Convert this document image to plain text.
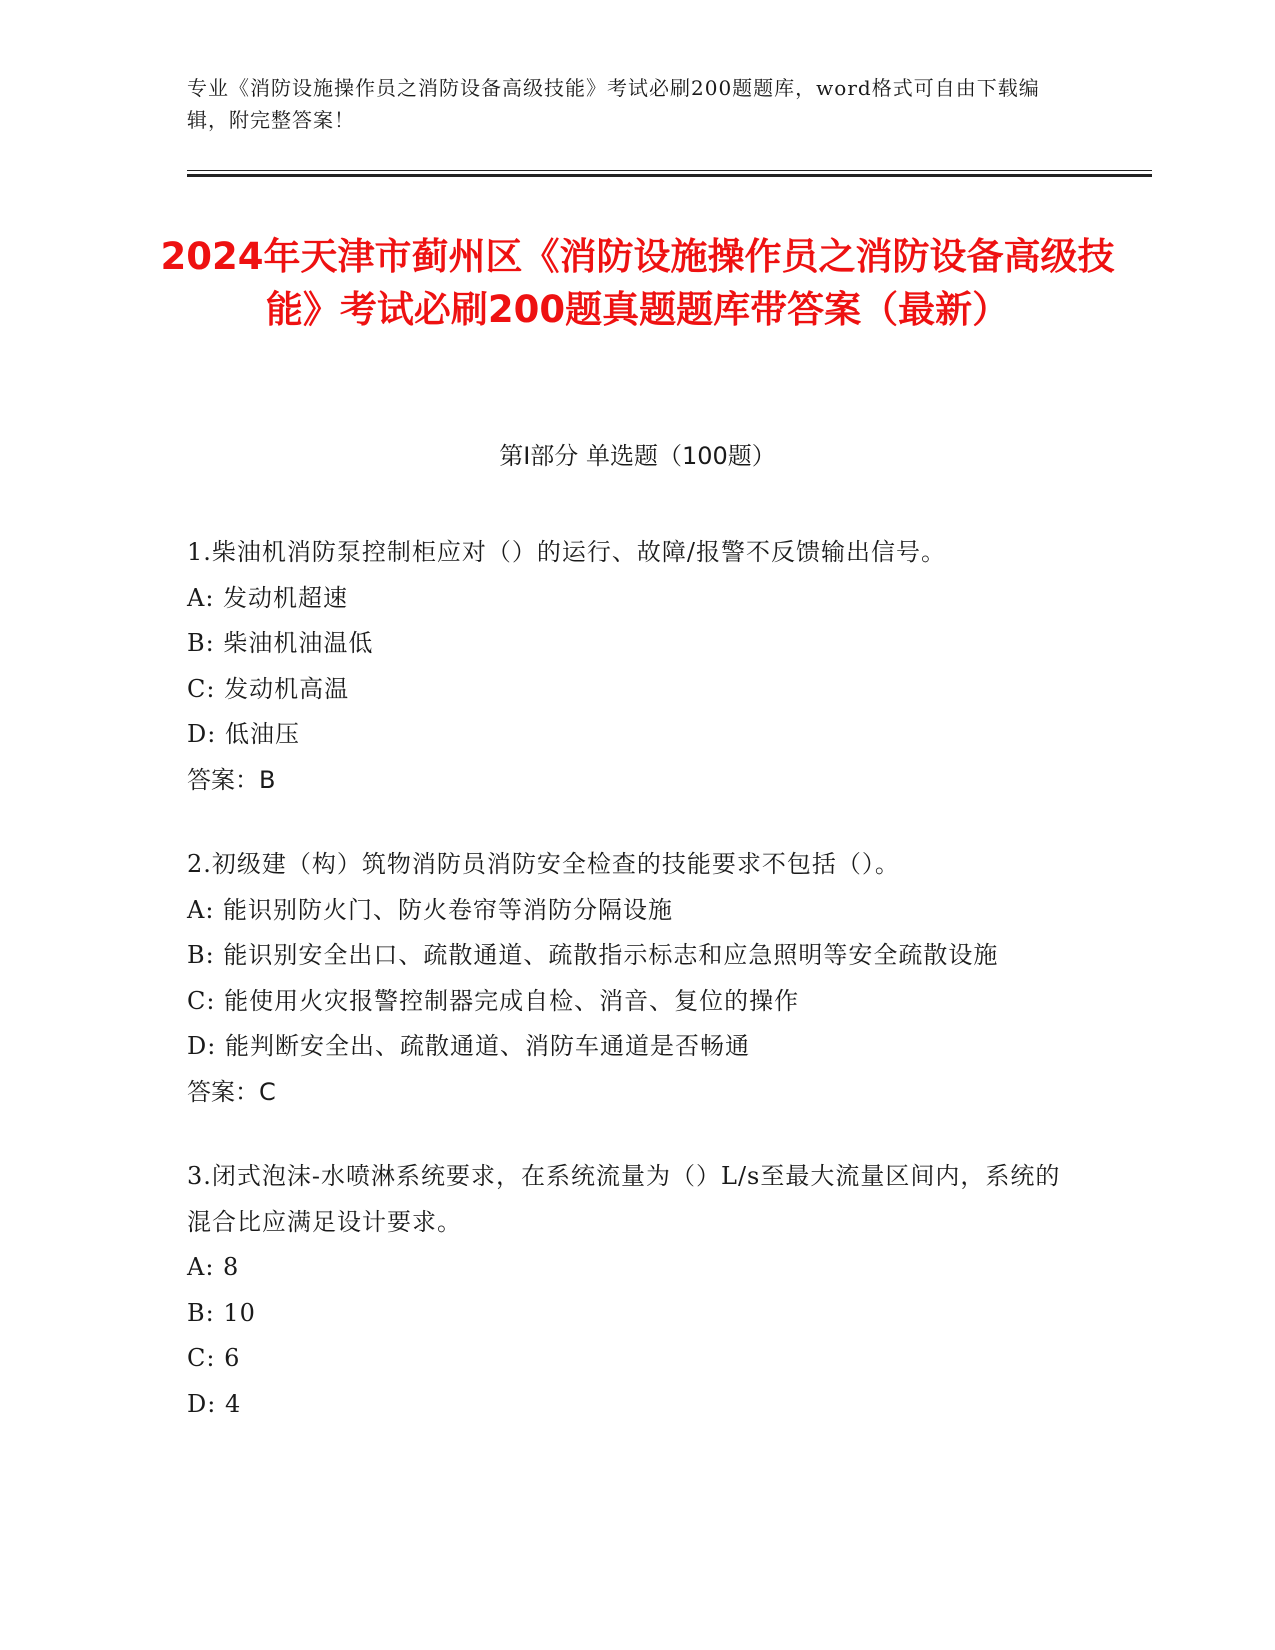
专业《消防设施操作员之消防设备高级技能》考试必刷200题题库，word格式可自由下载编辑，附完整答案！
2024年天津市蓟州区《消防设施操作员之消防设备高级技能》考试必刷200题真题题库带答案（最新）
第Ⅰ部分 单选题（100题）
1.柴油机消防泵控制柜应对（）的运行、故障/报警不反馈输出信号。
A: 发动机超速
B: 柴油机油温低
C: 发动机高温
D: 低油压
答案：B
2.初级建（构）筑物消防员消防安全检查的技能要求不包括（）。
A: 能识别防火门、防火卷帘等消防分隔设施
B: 能识别安全出口、疏散通道、疏散指示标志和应急照明等安全疏散设施
C: 能使用火灾报警控制器完成自检、消音、复位的操作
D: 能判断安全出、疏散通道、消防车通道是否畅通
答案：C
3.闭式泡沫-水喷淋系统要求，在系统流量为（）L/s至最大流量区间内，系统的混合比应满足设计要求。
A: 8
B: 10
C: 6
D: 4
